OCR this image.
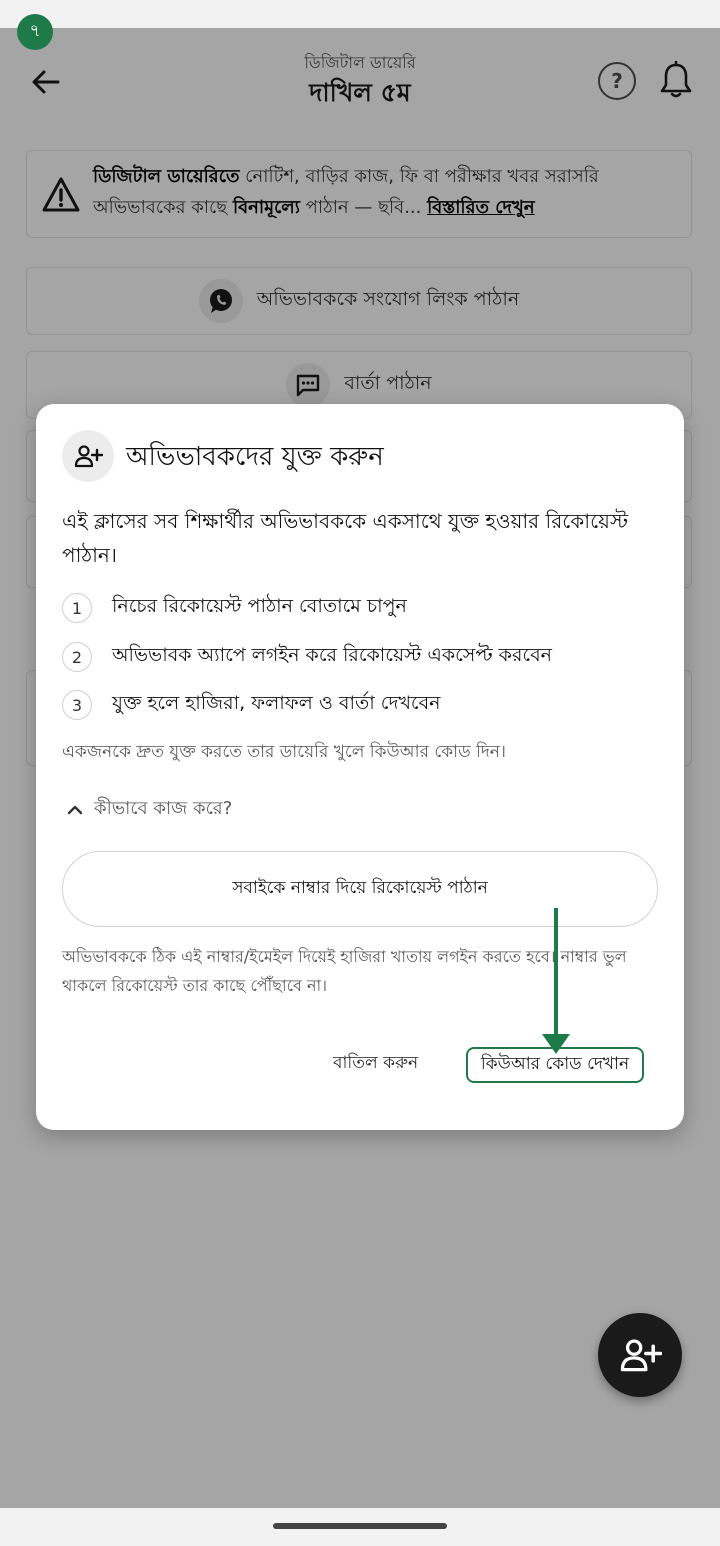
৭
ডিজিটাল ডায়েরি
দাখিল ৫ম	?
ডিজিটাল ডায়েরিতে নোটিশ, বাড়ির কাজ, ফি বা পরীক্ষার খবর সরাসরি অভিভাবকের কাছে বিনামূল্যে পাঠান — ছবি... বিস্তারিত দেখুন
অভিভাবককে সংযোগ লিংক পাঠান
বার্তা পাঠান
অভিভাবকদের যুক্ত করুন
এই ক্লাসের সব শিক্ষার্থীর অভিভাবককে একসাথে যুক্ত হওয়ার রিকোয়েস্ট পাঠান।
1	নিচের রিকোয়েস্ট পাঠান বোতামে চাপুন
2	অভিভাবক অ্যাপে লগইন করে রিকোয়েস্ট একসেপ্ট করবেন
3	যুক্ত হলে হাজিরা, ফলাফল ও বার্তা দেখবেন
একজনকে দ্রুত যুক্ত করতে তার ডায়েরি খুলে কিউআর কোড দিন।
কীভাবে কাজ করে?
সবাইকে নাম্বার দিয়ে রিকোয়েস্ট পাঠান
অভিভাবককে ঠিক এই নাম্বার/ইমেইল দিয়েই হাজিরা খাতায় লগইন করতে হবে। নাম্বার ভুল থাকলে রিকোয়েস্ট তার কাছে পৌঁছাবে না।
বাতিল করুন	কিউআর কোড দেখান
